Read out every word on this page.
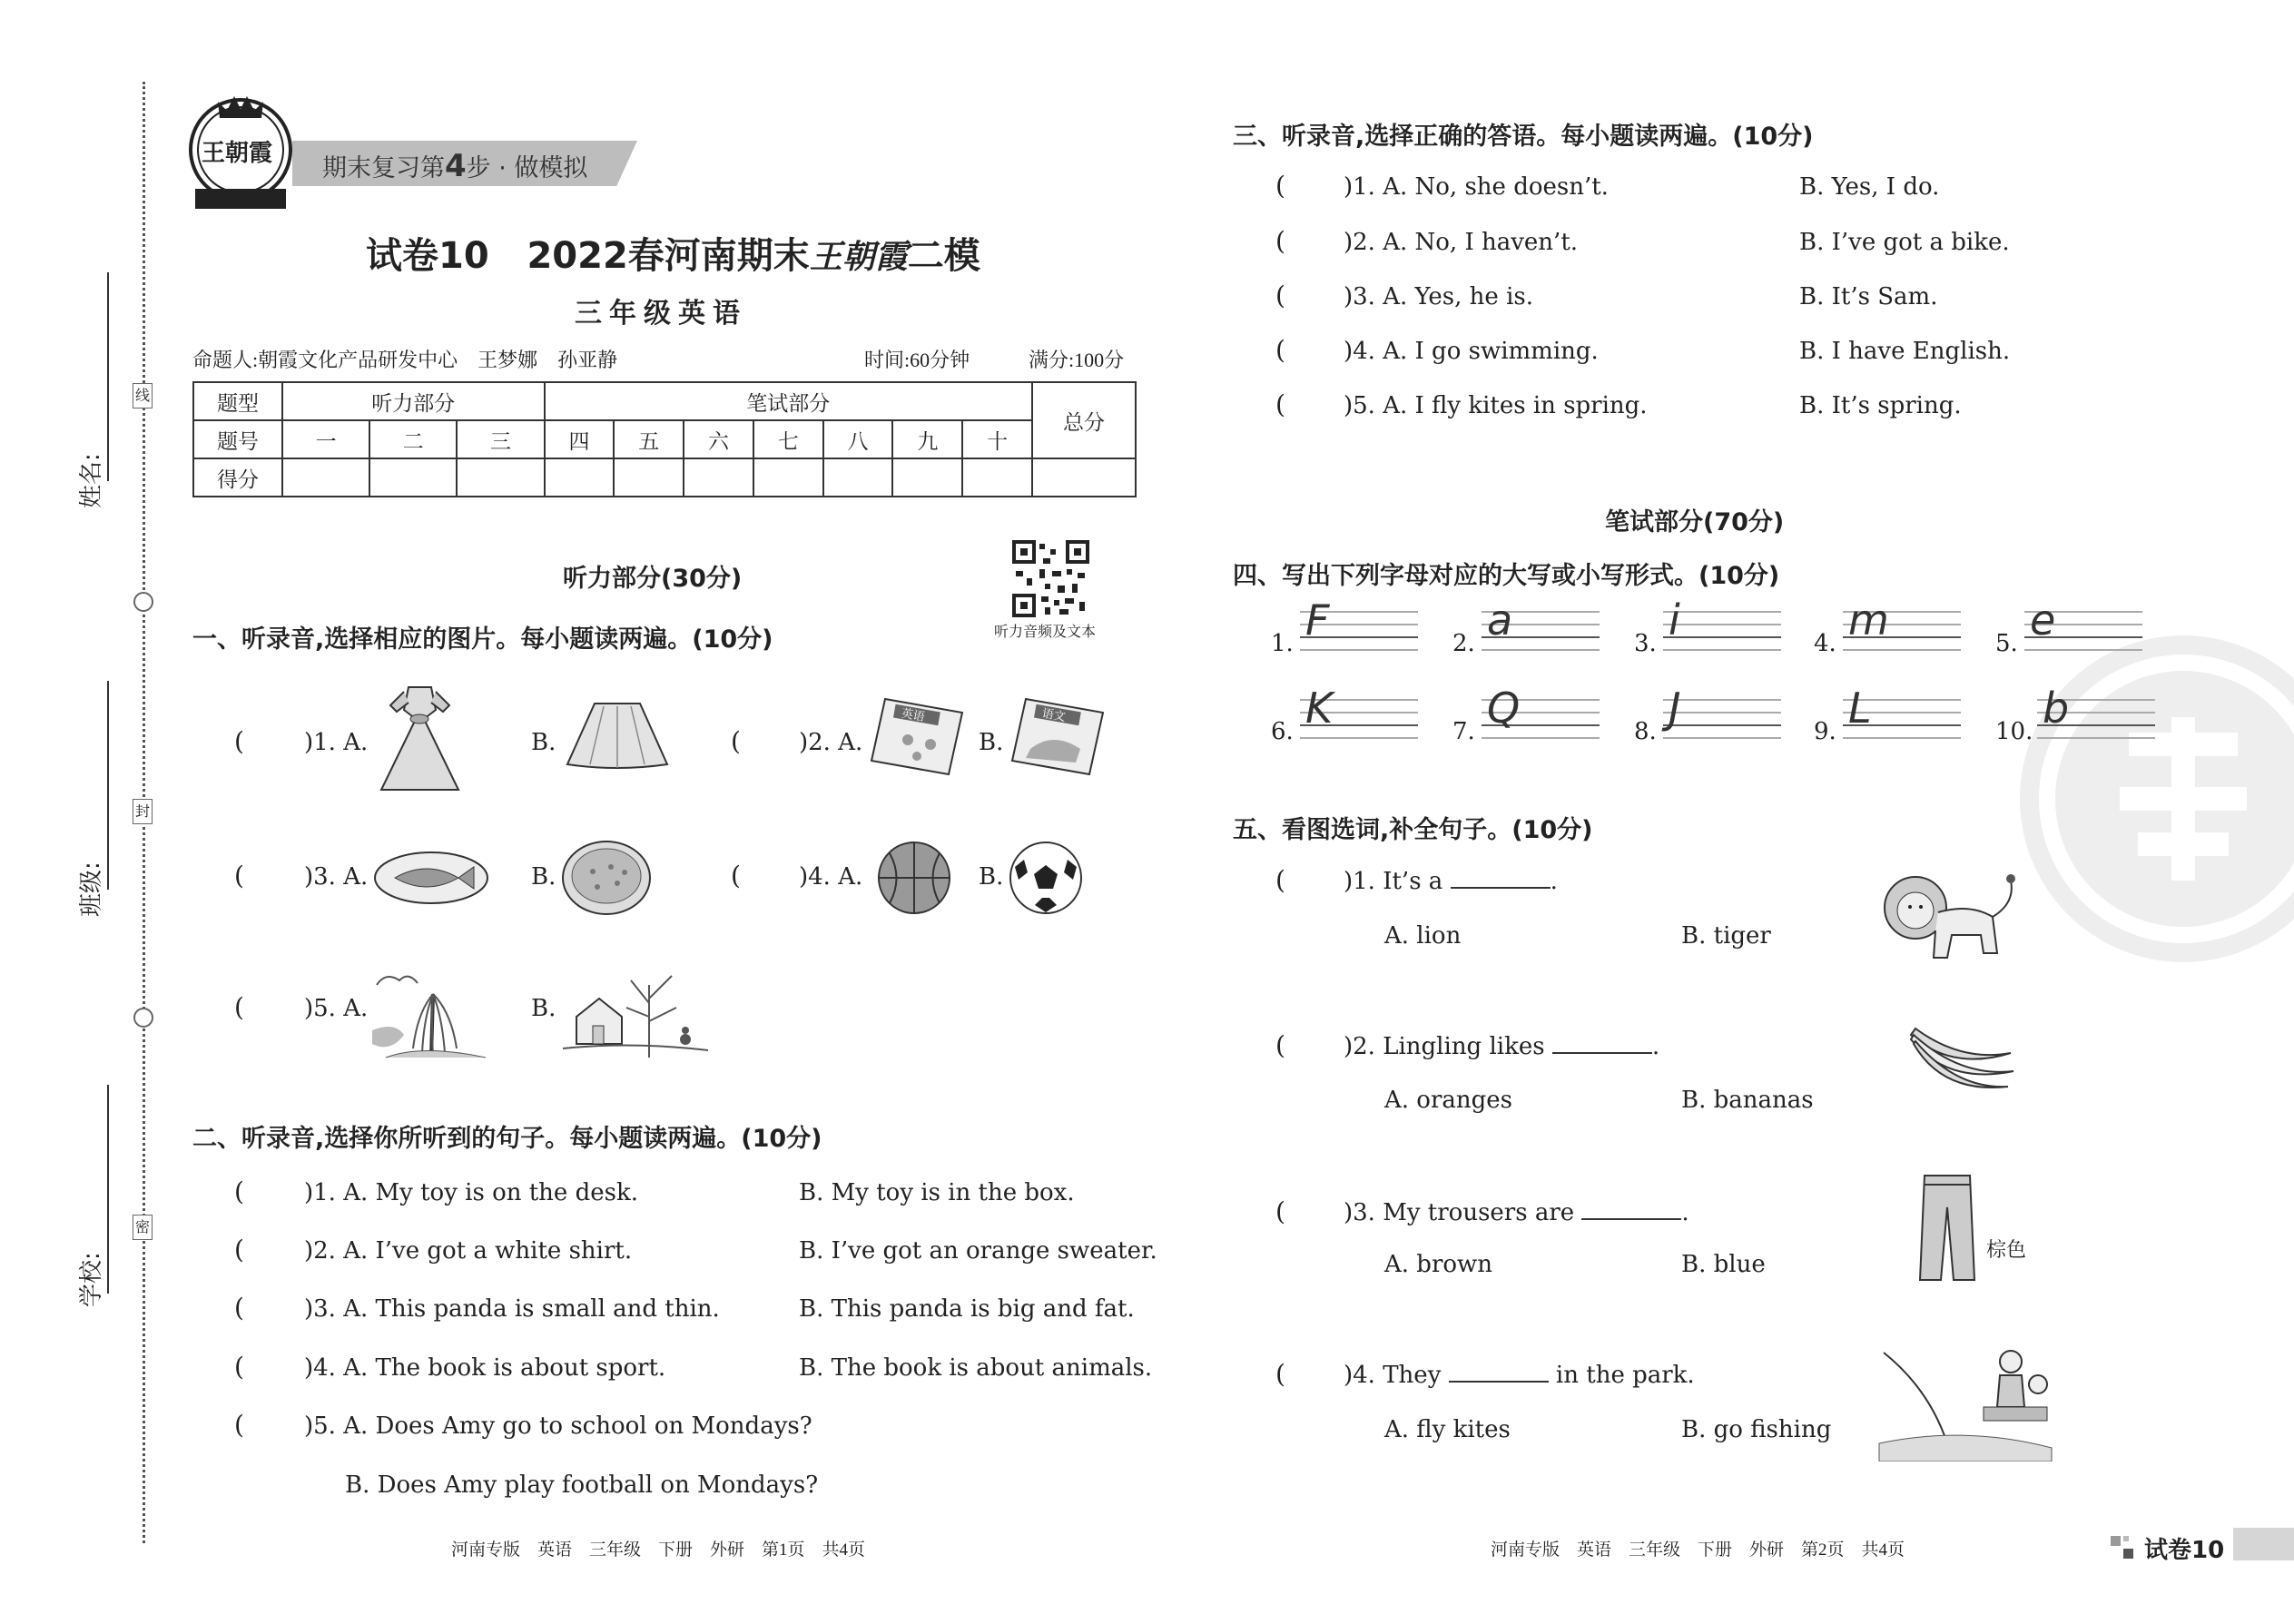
线
封
密
姓名:
班级:
学校:
王朝霞
期末复习第4步 · 做模拟
试卷10 2022春河南期末王朝霞二模
三年级英语
命题人:朝霞文化产品研发中心　王梦娜　孙亚静	时间:60分钟	满分:100分
题型	听力部分			笔试部分							总分
题号	一	二	三	四	五	六	七	八	九	十	
得分											
听力部分(30分)
听力音频及文本
一、听录音,选择相应的图片。每小题读两遍。(10分)
(	)1. A.	B.	( )2. A.
英语
B.
语文
(	)3. A.	B.	( )4. A.	B.
(	)5. A.	B.
二、听录音,选择你所听到的句子。每小题读两遍。(10分)
(	)1. A. My toy is on the desk.	B. My toy is in the box.
(	)2. A. I’ve got a white shirt.	B. I’ve got an orange sweater.
(	)3. A. This panda is small and thin.	B. This panda is big and fat.
(	)4. A. The book is about sport.	B. The book is about animals.
(	)5. A. Does Amy go to school on Mondays?
B. Does Amy play football on Mondays?
河南专版　英语　三年级　下册　外研　第1页　共4页
三、听录音,选择正确的答语。每小题读两遍。(10分)
( )1. A. No, she doesn’t.	B. Yes, I do.
( )2. A. No, I haven’t.	B. I’ve got a bike.
( )3. A. Yes, he is.	B. It’s Sam.
( )4. A. I go swimming.	B. I have English.
( )5. A. I fly kites in spring.	B. It’s spring.
笔试部分(70分)
四、写出下列字母对应的大写或小写形式。(10分)
1. F	2. a	3. i	4. m	5. e
6. K	7. Q	8. J	9. L	10. b
五、看图选词,补全句子。(10分)
( )1. It’s a	.
A. lion	B. tiger
( )2. Lingling likes	.
A. oranges	B. bananas
( )3. My trousers are	.
A. brown	B. blue
棕色
( )4. They	in the park.
A. fly kites	B. go fishing
河南专版　英语　三年级　下册　外研　第2页　共4页	试卷10
